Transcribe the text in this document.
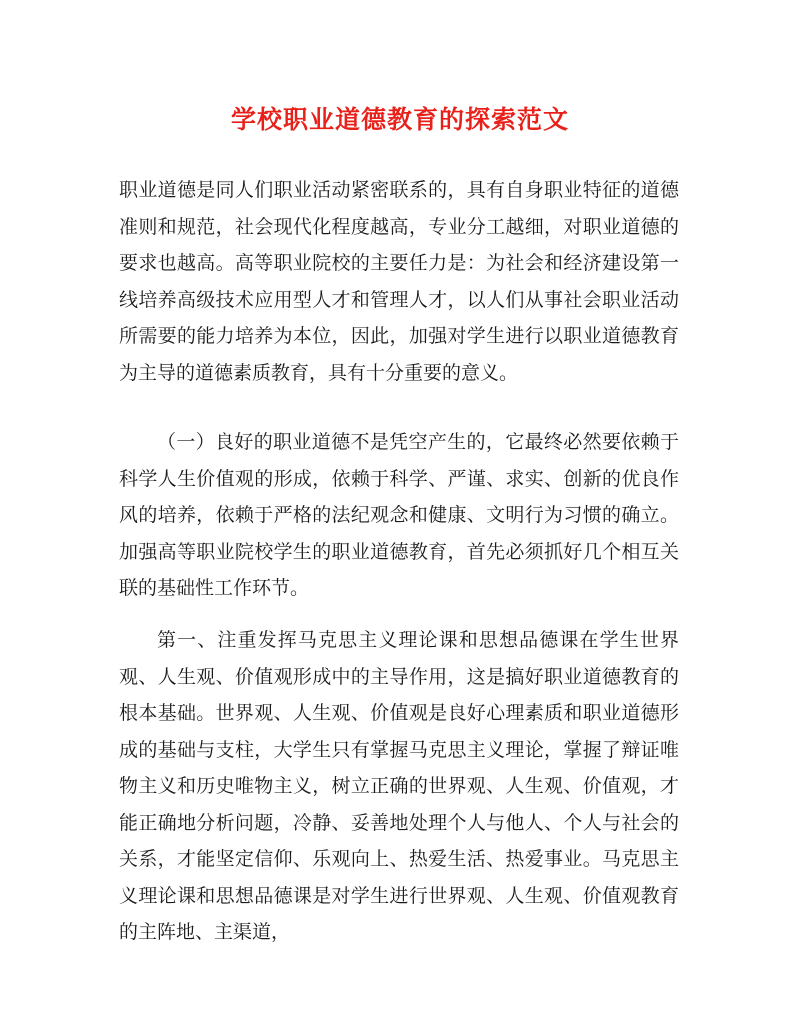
学校职业道德教育的探索范文

职业道德是同人们职业活动紧密联系的，具有自身职业特征的道德准则和规范，社会现代化程度越高，专业分工越细，对职业道德的要求也越高。高等职业院校的主要任力是：为社会和经济建设第一线培养高级技术应用型人才和管理人才，以人们从事社会职业活动所需要的能力培养为本位，因此，加强对学生进行以职业道德教育为主导的道德素质教育，具有十分重要的意义。

（一）良好的职业道德不是凭空产生的，它最终必然要依赖于科学人生价值观的形成，依赖于科学、严谨、求实、创新的优良作风的培养，依赖于严格的法纪观念和健康、文明行为习惯的确立。加强高等职业院校学生的职业道德教育，首先必须抓好几个相互关联的基础性工作环节。

第一、注重发挥马克思主义理论课和思想品德课在学生世界观、人生观、价值观形成中的主导作用，这是搞好职业道德教育的根本基础。世界观、人生观、价值观是良好心理素质和职业道德形成的基础与支柱，大学生只有掌握马克思主义理论，掌握了辩证唯物主义和历史唯物主义，树立正确的世界观、人生观、价值观，才能正确地分析问题，冷静、妥善地处理个人与他人、个人与社会的关系，才能坚定信仰、乐观向上、热爱生活、热爱事业。马克思主义理论课和思想品德课是对学生进行世界观、人生观、价值观教育的主阵地、主渠道，
